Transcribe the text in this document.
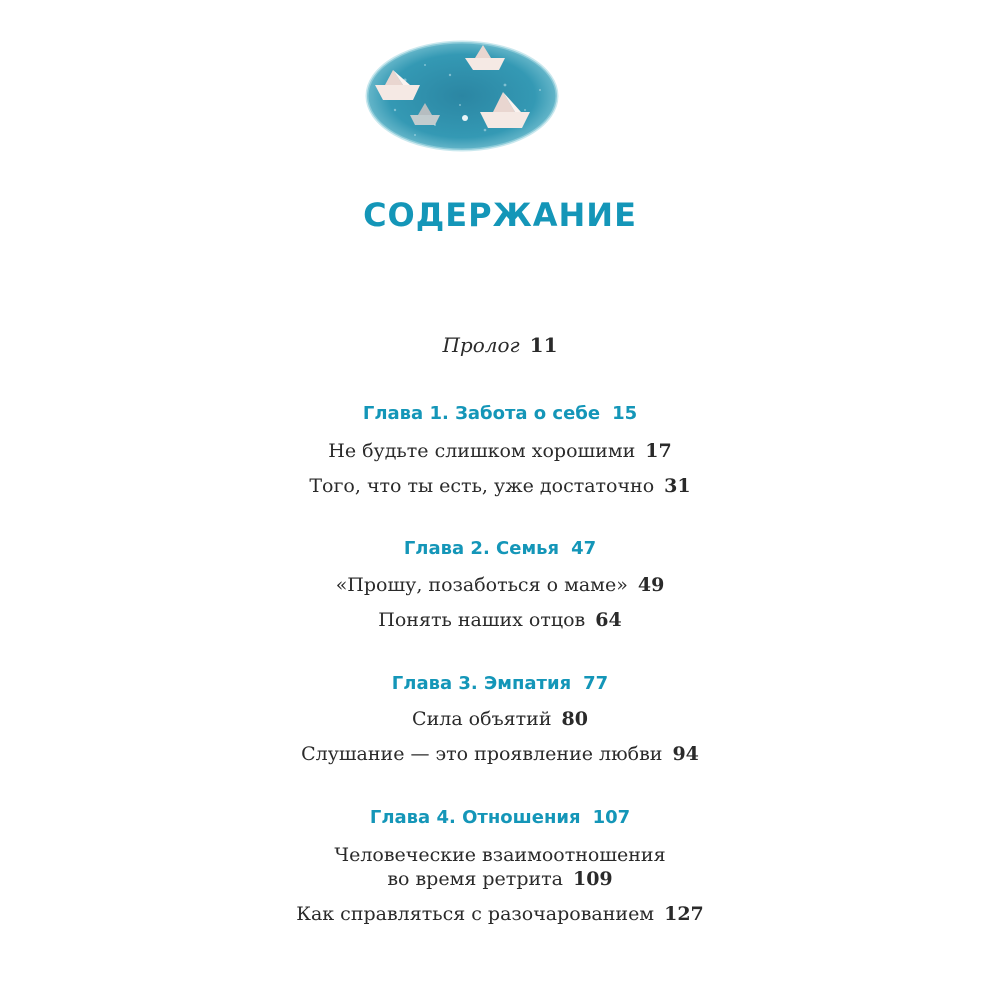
СОДЕРЖАНИЕ
Пролог 11
Глава 1. Забота о себе 15
Не будьте слишком хорошими 17
Того, что ты есть, уже достаточно 31
Глава 2. Семья 47
«Прошу, позаботься о маме» 49
Понять наших отцов 64
Глава 3. Эмпатия 77
Сила объятий 80
Слушание — это проявление любви 94
Глава 4. Отношения 107
Человеческие взаимоотношения
во время ретрита 109
Как справляться с разочарованием 127
